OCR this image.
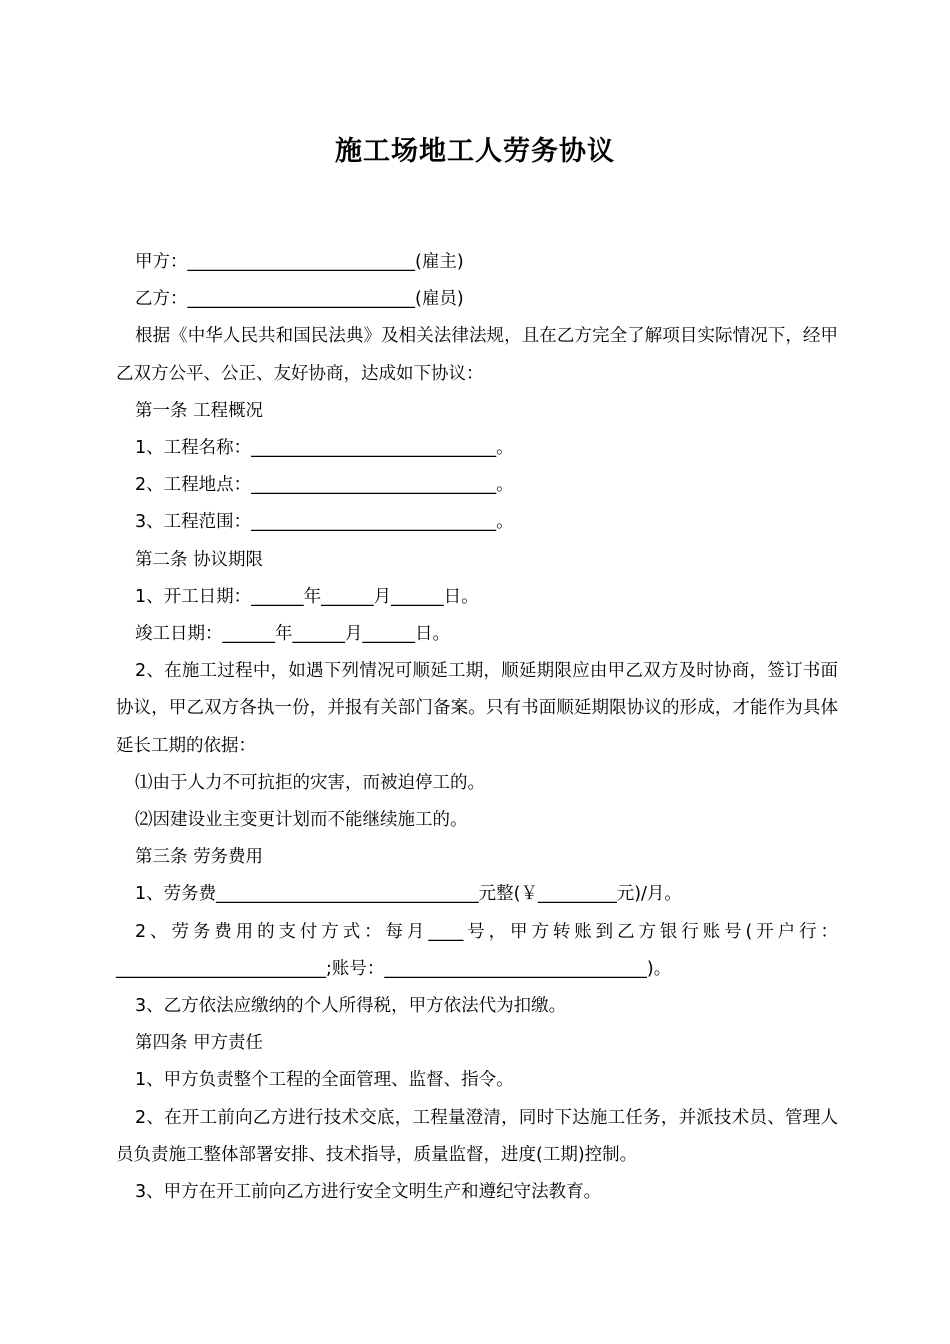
施工场地工人劳务协议

甲方：__________________________(雇主)

乙方：__________________________(雇员)

根据《中华人民共和国民法典》及相关法律法规，且在乙方完全了解项目实际情况下，经甲乙双方公平、公正、友好协商，达成如下协议：

第一条 工程概况

1、工程名称：____________________________。

2、工程地点：____________________________。

3、工程范围：____________________________。

第二条 协议期限

1、开工日期：______年______月______日。

竣工日期：______年______月______日。

2、在施工过程中，如遇下列情况可顺延工期，顺延期限应由甲乙双方及时协商，签订书面协议，甲乙双方各执一份，并报有关部门备案。只有书面顺延期限协议的形成，才能作为具体延长工期的依据：

⑴由于人力不可抗拒的灾害，而被迫停工的。

⑵因建设业主变更计划而不能继续施工的。

第三条 劳务费用

1、劳务费______________________________元整(￥_________元)/月。

2、劳务费用的支付方式：每月____号，甲方转账到乙方银行账号(开户行：________________________;账号：______________________________)。

3、乙方依法应缴纳的个人所得税，甲方依法代为扣缴。

第四条 甲方责任

1、甲方负责整个工程的全面管理、监督、指令。

2、在开工前向乙方进行技术交底，工程量澄清，同时下达施工任务，并派技术员、管理人员负责施工整体部署安排、技术指导，质量监督，进度(工期)控制。

3、甲方在开工前向乙方进行安全文明生产和遵纪守法教育。
